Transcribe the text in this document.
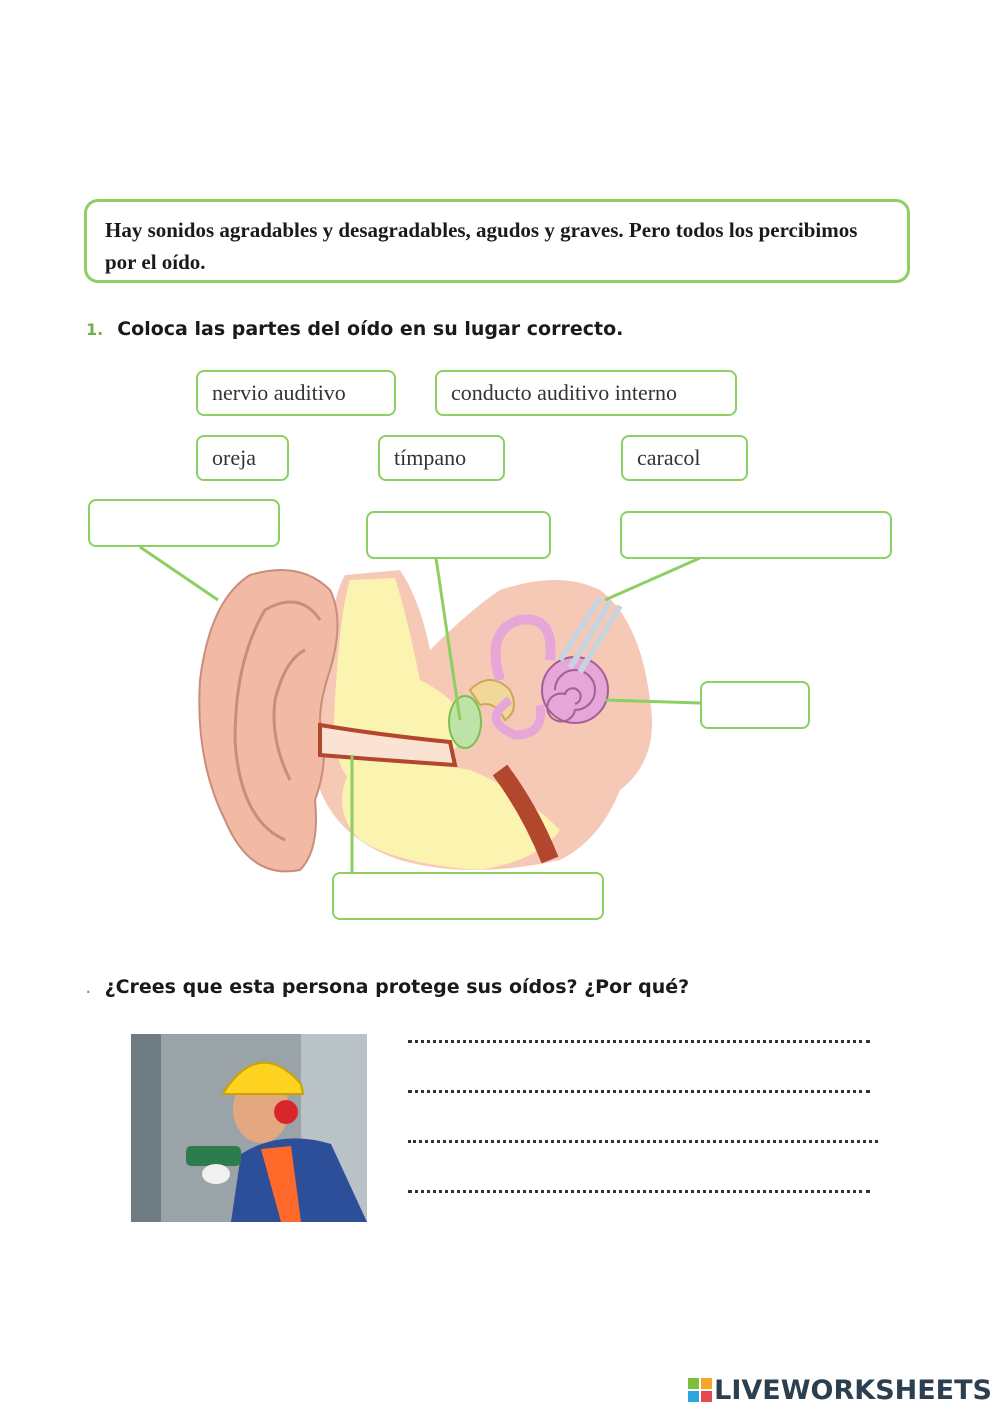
Hay sonidos agradables y desagradables, agudos y graves. Pero todos los percibimos por el oído.
1. Coloca las partes del oído en su lugar correcto.
nervio auditivo	conducto auditivo interno
oreja	tímpano	caracol
. ¿Crees que esta persona protege sus oídos? ¿Por qué?
LIVEWORKSHEETS
